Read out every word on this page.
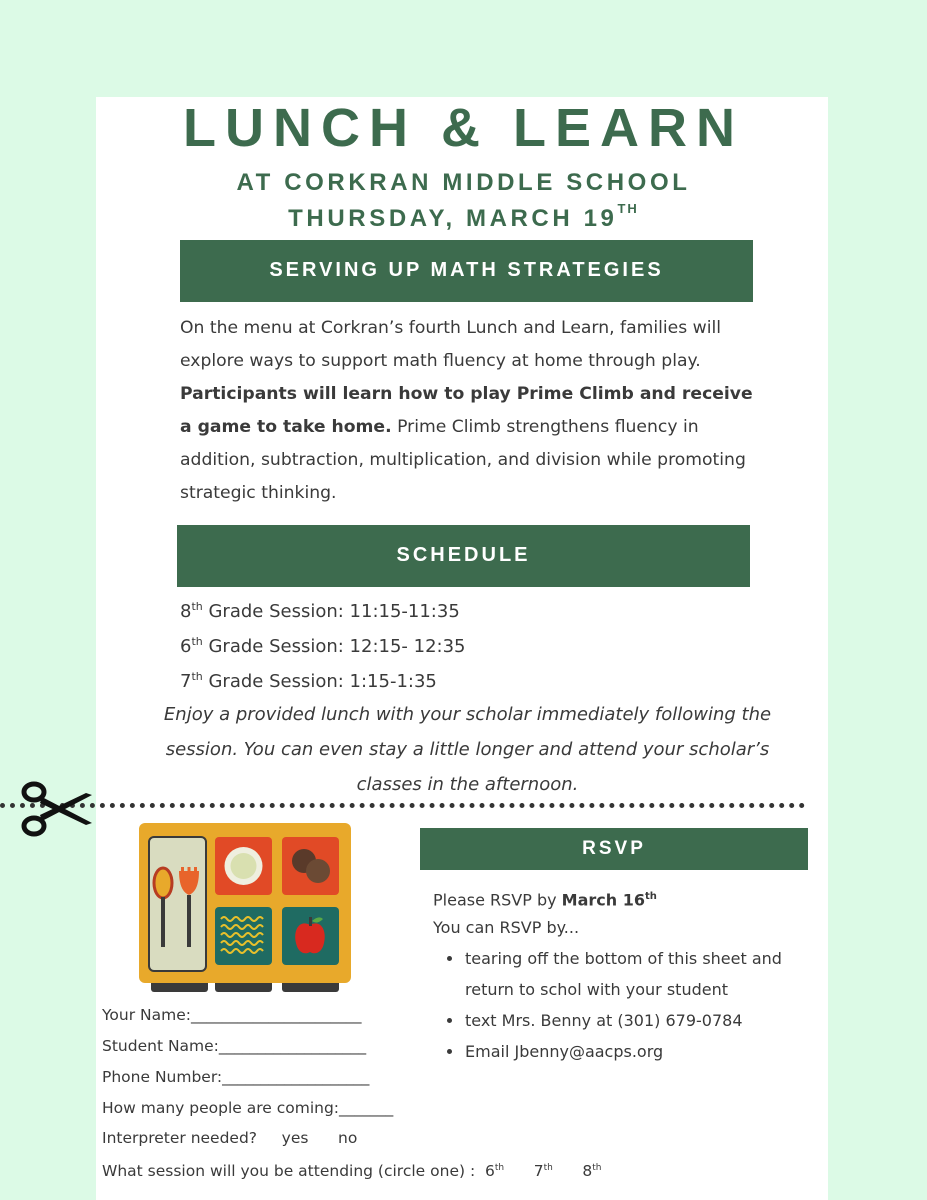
LUNCH & LEARN
AT CORKRAN MIDDLE SCHOOL
THURSDAY, MARCH 19TH
SERVING UP MATH STRATEGIES
On the menu at Corkran’s fourth Lunch and Learn, families will explore ways to support math fluency at home through play. Participants will learn how to play Prime Climb and receive a game to take home. Prime Climb strengthens fluency in addition, subtraction, multiplication, and division while promoting strategic thinking.
SCHEDULE
8th Grade Session: 11:15-11:35
6th Grade Session: 12:15- 12:35
7th Grade Session: 1:15-1:35
Enjoy a provided lunch with your scholar immediately following the session. You can even stay a little longer and attend your scholar’s classes in the afternoon.
Your Name:______________________
Student Name:___________________
Phone Number:___________________
How many people are coming:_______
Interpreter needed?     yes      no
What session will you be attending (circle one) :  6th 7th 8th
RSVP
Please RSVP by March 16th
You can RSVP by...
tearing off the bottom of this sheet and return to schol with your student
text Mrs. Benny at (301) 679-0784
Email Jbenny@aacps.org
